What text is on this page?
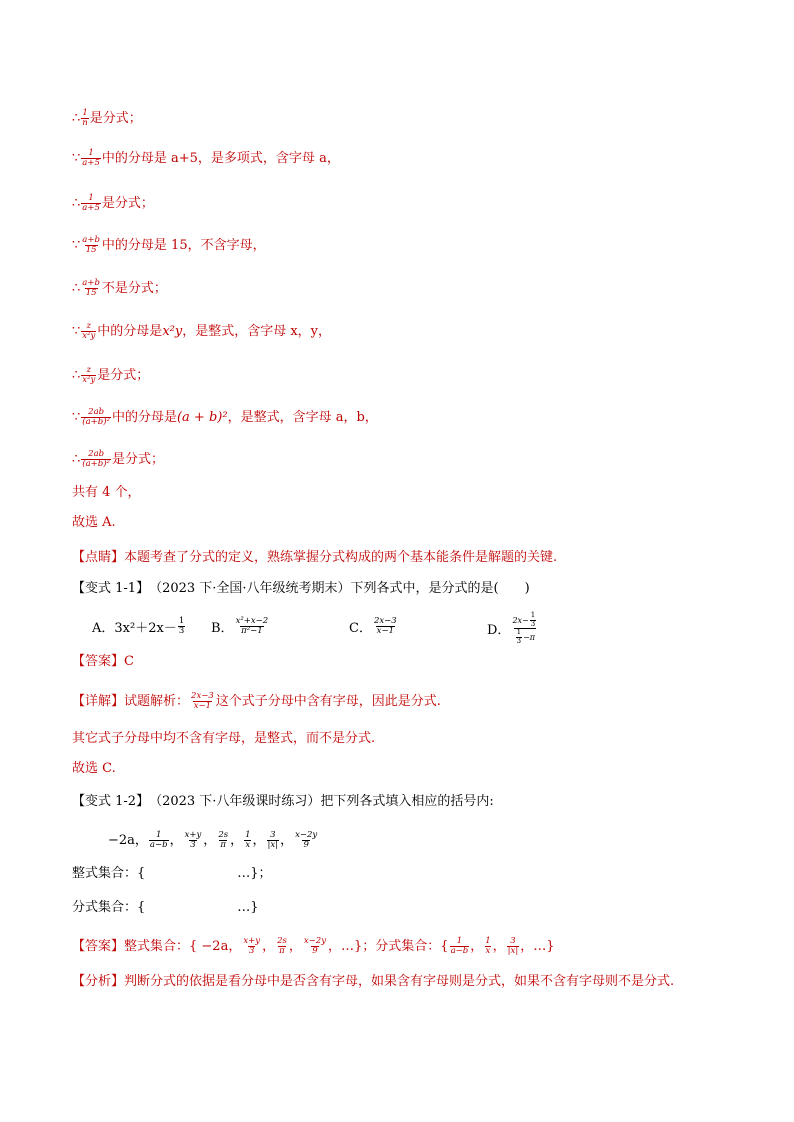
∴ $\frac{1}{n}$ 是分式；
∵ $\frac{1}{a+5}$ 中的分母是 a+5，是多项式，含字母 a，
∴ $\frac{1}{a+5}$ 是分式；
∵ $\frac{a+b}{15}$ 中的分母是 15，不含字母，
∴ $\frac{a+b}{15}$ 不是分式；
∵ $\frac{z}{\text{x²y}}$ 中的分母是 x²y ，是整式，含字母 x，y，
∴ $\frac{z}{\text{x²y}}$ 是分式；
∵ $\frac{2ab}{\text{(a+b)²}}$ 中的分母是 (a + b)² ，是整式，含字母 a，b，
∴ $\frac{2ab}{\text{(a+b)²}}$ 是分式；
共有 4 个，
故选 A.
【点睛】 本题考查了分式的定义，熟练掌握分式构成的两个基本能条件是解题的关键.
【变式 1-1】 （2023 下·全国·八年级统考期末）下列各式中，是分式的是(　　)
A． $3x^2+2x- \frac{1}{3}$ B． $\frac{\text{x²+x−2}}{\text{π²−1}}$	C． $\frac{2x-3}{x-1}$	D． $\frac{2x- \frac{1}{3}}{\frac{1}{3} -\pi}$
【答案】 C
【详解】 试题解析： $\frac{2x-3}{x-1}$ 这个式子分母中含有字母，因此是分式.
其它式子分母中均不含有字母，是整式，而不是分式.
故选 C.
【变式 1-2】 （2023 下·八年级课时练习）把下列各式填入相应的括号内:
−2a， $\frac{1}{a-b}$ ， $\frac{x+y}{3}$ ， $\frac{2s}{\pi}$ ， $\frac{1}{x}$ ， $\frac{3}{|x|}$ ， $\frac{x-2y}{9}$
整式集合：{	…}；
分式集合：{	…}
【答案】 整式集合：{ −2a， $\frac{x+y}{3}$ ， $\frac{2s}{\pi}$ ， $\frac{x-2y}{9}$ ， …}；分式集合：{ $\frac{1}{a-b}$ ， $\frac{1}{x}$ ， $\frac{3}{|x|}$ ， …}
【分析】 判断分式的依据是看分母中是否含有字母，如果含有字母则是分式，如果不含有字母则不是分式.
